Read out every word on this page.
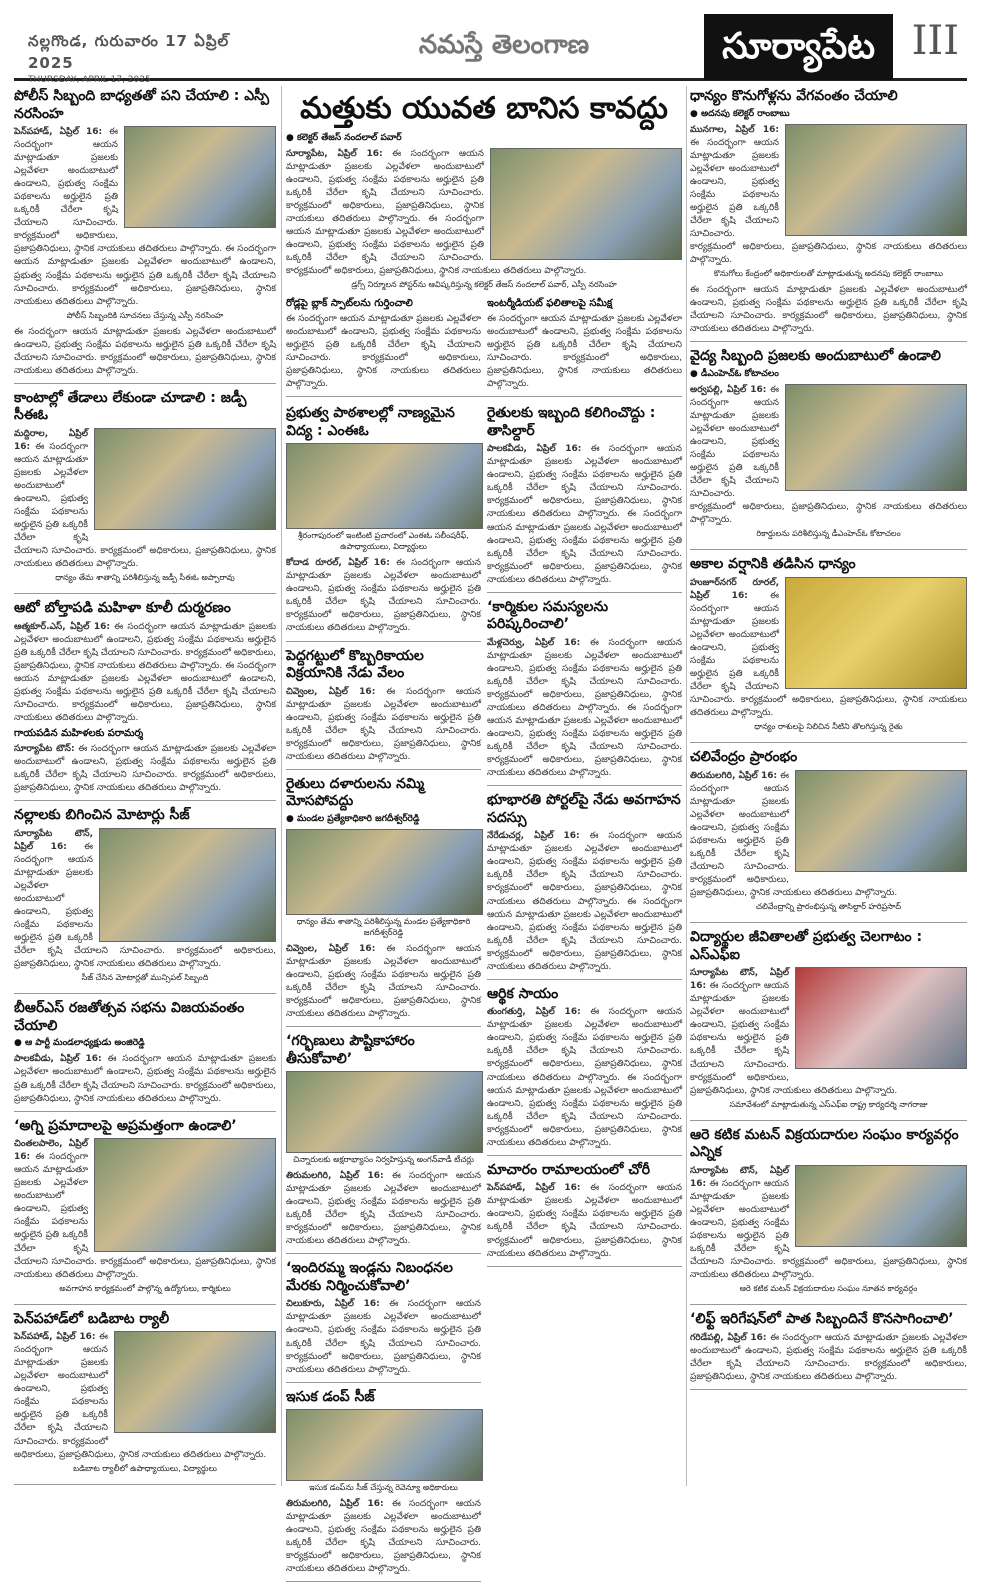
నల్లగొండ, గురువారం 17 ఏప్రిల్ 2025
THURSDAY, APRIL 17, 2025
నమస్తే తెలంగాణ	సూర్యాపేట III
పోలీస్ సిబ్బంది బాధ్యతతో పని చేయాలి : ఎస్పీ నరసింహ
పెన్‌పహాడ్, ఏప్రిల్ 16: ఈ సందర్భంగా ఆయన మాట్లాడుతూ ప్రజలకు ఎల్లవేళలా అందుబాటులో ఉండాలని, ప్రభుత్వ సంక్షేమ పథకాలను అర్హులైన ప్రతి ఒక్కరికీ చేరేలా కృషి చేయాలని సూచించారు. కార్యక్రమంలో అధికారులు, ప్రజాప్రతినిధులు, స్థానిక నాయకులు తదితరులు పాల్గొన్నారు. ఈ సందర్భంగా ఆయన మాట్లాడుతూ ప్రజలకు ఎల్లవేళలా అందుబాటులో ఉండాలని, ప్రభుత్వ సంక్షేమ పథకాలను అర్హులైన ప్రతి ఒక్కరికీ చేరేలా కృషి చేయాలని సూచించారు. కార్యక్రమంలో అధికారులు, ప్రజాప్రతినిధులు, స్థానిక నాయకులు తదితరులు పాల్గొన్నారు.
పోలీస్ సిబ్బందికి సూచనలు చేస్తున్న ఎస్పీ నరసింహ
ఈ సందర్భంగా ఆయన మాట్లాడుతూ ప్రజలకు ఎల్లవేళలా అందుబాటులో ఉండాలని, ప్రభుత్వ సంక్షేమ పథకాలను అర్హులైన ప్రతి ఒక్కరికీ చేరేలా కృషి చేయాలని సూచించారు. కార్యక్రమంలో అధికారులు, ప్రజాప్రతినిధులు, స్థానిక నాయకులు తదితరులు పాల్గొన్నారు.
కాంటాల్లో తేడాలు లేకుండా చూడాలి : జడ్పీ సీఈఓ
మద్దిరాల, ఏప్రిల్ 16: ఈ సందర్భంగా ఆయన మాట్లాడుతూ ప్రజలకు ఎల్లవేళలా అందుబాటులో ఉండాలని, ప్రభుత్వ సంక్షేమ పథకాలను అర్హులైన ప్రతి ఒక్కరికీ చేరేలా కృషి చేయాలని సూచించారు. కార్యక్రమంలో అధికారులు, ప్రజాప్రతినిధులు, స్థానిక నాయకులు తదితరులు పాల్గొన్నారు.
ధాన్యం తేమ శాతాన్ని పరిశీలిస్తున్న జడ్పీ సీఈఓ అప్పారావు
ఆటో బోల్తాపడి మహిళా కూలీ దుర్మరణం
ఆత్మకూర్.ఎస్, ఏప్రిల్ 16: ఈ సందర్భంగా ఆయన మాట్లాడుతూ ప్రజలకు ఎల్లవేళలా అందుబాటులో ఉండాలని, ప్రభుత్వ సంక్షేమ పథకాలను అర్హులైన ప్రతి ఒక్కరికీ చేరేలా కృషి చేయాలని సూచించారు. కార్యక్రమంలో అధికారులు, ప్రజాప్రతినిధులు, స్థానిక నాయకులు తదితరులు పాల్గొన్నారు. ఈ సందర్భంగా ఆయన మాట్లాడుతూ ప్రజలకు ఎల్లవేళలా అందుబాటులో ఉండాలని, ప్రభుత్వ సంక్షేమ పథకాలను అర్హులైన ప్రతి ఒక్కరికీ చేరేలా కృషి చేయాలని సూచించారు. కార్యక్రమంలో అధికారులు, ప్రజాప్రతినిధులు, స్థానిక నాయకులు తదితరులు పాల్గొన్నారు.
గాయపడిన మహిళలకు పరామర్శ
సూర్యాపేట టౌన్: ఈ సందర్భంగా ఆయన మాట్లాడుతూ ప్రజలకు ఎల్లవేళలా అందుబాటులో ఉండాలని, ప్రభుత్వ సంక్షేమ పథకాలను అర్హులైన ప్రతి ఒక్కరికీ చేరేలా కృషి చేయాలని సూచించారు. కార్యక్రమంలో అధికారులు, ప్రజాప్రతినిధులు, స్థానిక నాయకులు తదితరులు పాల్గొన్నారు.
నల్లాలకు బిగించిన మోటార్లు సీజ్
సూర్యాపేట టౌన్, ఏప్రిల్ 16: ఈ సందర్భంగా ఆయన మాట్లాడుతూ ప్రజలకు ఎల్లవేళలా అందుబాటులో ఉండాలని, ప్రభుత్వ సంక్షేమ పథకాలను అర్హులైన ప్రతి ఒక్కరికీ చేరేలా కృషి చేయాలని సూచించారు. కార్యక్రమంలో అధికారులు, ప్రజాప్రతినిధులు, స్థానిక నాయకులు తదితరులు పాల్గొన్నారు.
సీజ్ చేసిన మోటార్లతో మున్సిపల్ సిబ్బంది
బీఆర్ఎస్ రజతోత్సవ సభను విజయవంతం చేయాలి
● ఆ పార్టీ మండలాధ్యక్షుడు అంజిరెడ్డి
పాలకవీడు, ఏప్రిల్ 16: ఈ సందర్భంగా ఆయన మాట్లాడుతూ ప్రజలకు ఎల్లవేళలా అందుబాటులో ఉండాలని, ప్రభుత్వ సంక్షేమ పథకాలను అర్హులైన ప్రతి ఒక్కరికీ చేరేలా కృషి చేయాలని సూచించారు. కార్యక్రమంలో అధికారులు, ప్రజాప్రతినిధులు, స్థానిక నాయకులు తదితరులు పాల్గొన్నారు.
‘అగ్ని ప్రమాదాలపై అప్రమత్తంగా ఉండాలి’
చింతలపాలెం, ఏప్రిల్ 16: ఈ సందర్భంగా ఆయన మాట్లాడుతూ ప్రజలకు ఎల్లవేళలా అందుబాటులో ఉండాలని, ప్రభుత్వ సంక్షేమ పథకాలను అర్హులైన ప్రతి ఒక్కరికీ చేరేలా కృషి చేయాలని సూచించారు. కార్యక్రమంలో అధికారులు, ప్రజాప్రతినిధులు, స్థానిక నాయకులు తదితరులు పాల్గొన్నారు.
అవగాహన కార్యక్రమంలో పాల్గొన్న ఉద్యోగులు, కార్మికులు
పెన్‌పహాడ్‌లో బడిబాట ర్యాలీ
పెన్‌పహాడ్, ఏప్రిల్ 16: ఈ సందర్భంగా ఆయన మాట్లాడుతూ ప్రజలకు ఎల్లవేళలా అందుబాటులో ఉండాలని, ప్రభుత్వ సంక్షేమ పథకాలను అర్హులైన ప్రతి ఒక్కరికీ చేరేలా కృషి చేయాలని సూచించారు. కార్యక్రమంలో అధికారులు, ప్రజాప్రతినిధులు, స్థానిక నాయకులు తదితరులు పాల్గొన్నారు.
బడిబాట ర్యాలీలో ఉపాధ్యాయులు, విద్యార్థులు
మత్తుకు యువత బానిస కావద్దు
● కలెక్టర్ తేజస్ నందలాల్ పవార్
సూర్యాపేట, ఏప్రిల్ 16: ఈ సందర్భంగా ఆయన మాట్లాడుతూ ప్రజలకు ఎల్లవేళలా అందుబాటులో ఉండాలని, ప్రభుత్వ సంక్షేమ పథకాలను అర్హులైన ప్రతి ఒక్కరికీ చేరేలా కృషి చేయాలని సూచించారు. కార్యక్రమంలో అధికారులు, ప్రజాప్రతినిధులు, స్థానిక నాయకులు తదితరులు పాల్గొన్నారు. ఈ సందర్భంగా ఆయన మాట్లాడుతూ ప్రజలకు ఎల్లవేళలా అందుబాటులో ఉండాలని, ప్రభుత్వ సంక్షేమ పథకాలను అర్హులైన ప్రతి ఒక్కరికీ చేరేలా కృషి చేయాలని సూచించారు. కార్యక్రమంలో అధికారులు, ప్రజాప్రతినిధులు, స్థానిక నాయకులు తదితరులు పాల్గొన్నారు.
డ్రగ్స్ నిర్మూలన పోస్టర్‌ను ఆవిష్కరిస్తున్న కలెక్టర్ తేజస్ నందలాల్ పవార్, ఎస్పీ నరసింహ
రోడ్లపై బ్లాక్ స్పాట్‌లను గుర్తించాలి
ఈ సందర్భంగా ఆయన మాట్లాడుతూ ప్రజలకు ఎల్లవేళలా అందుబాటులో ఉండాలని, ప్రభుత్వ సంక్షేమ పథకాలను అర్హులైన ప్రతి ఒక్కరికీ చేరేలా కృషి చేయాలని సూచించారు. కార్యక్రమంలో అధికారులు, ప్రజాప్రతినిధులు, స్థానిక నాయకులు తదితరులు పాల్గొన్నారు.
ఇంటర్మీడియట్ ఫలితాలపై సమీక్ష
ఈ సందర్భంగా ఆయన మాట్లాడుతూ ప్రజలకు ఎల్లవేళలా అందుబాటులో ఉండాలని, ప్రభుత్వ సంక్షేమ పథకాలను అర్హులైన ప్రతి ఒక్కరికీ చేరేలా కృషి చేయాలని సూచించారు. కార్యక్రమంలో అధికారులు, ప్రజాప్రతినిధులు, స్థానిక నాయకులు తదితరులు పాల్గొన్నారు.
ప్రభుత్వ పాఠశాలల్లో నాణ్యమైన విద్య : ఎంఈఓ
శ్రీరంగాపురంలో ఇంటింటి ప్రచారంలో ఎంఈఓ సలీంషరీఫ్, ఉపాధ్యాయులు, విద్యార్థులు
కోదాడ రూరల్, ఏప్రిల్ 16: ఈ సందర్భంగా ఆయన మాట్లాడుతూ ప్రజలకు ఎల్లవేళలా అందుబాటులో ఉండాలని, ప్రభుత్వ సంక్షేమ పథకాలను అర్హులైన ప్రతి ఒక్కరికీ చేరేలా కృషి చేయాలని సూచించారు. కార్యక్రమంలో అధికారులు, ప్రజాప్రతినిధులు, స్థానిక నాయకులు తదితరులు పాల్గొన్నారు.
పెద్దగట్టులో కొబ్బరికాయల విక్రయానికి నేడు వేలం
చివ్వెంల, ఏప్రిల్ 16: ఈ సందర్భంగా ఆయన మాట్లాడుతూ ప్రజలకు ఎల్లవేళలా అందుబాటులో ఉండాలని, ప్రభుత్వ సంక్షేమ పథకాలను అర్హులైన ప్రతి ఒక్కరికీ చేరేలా కృషి చేయాలని సూచించారు. కార్యక్రమంలో అధికారులు, ప్రజాప్రతినిధులు, స్థానిక నాయకులు తదితరులు పాల్గొన్నారు.
రైతులు దళారులను నమ్మి మోసపోవద్దు
● మండల ప్రత్యేకాధికారి జగదీశ్వర్‌రెడ్డి
ధాన్యం తేమ శాతాన్ని పరిశీలిస్తున్న మండల ప్రత్యేకాధికారి జగదీశ్వర్‌రెడ్డి
చివ్వెంల, ఏప్రిల్ 16: ఈ సందర్భంగా ఆయన మాట్లాడుతూ ప్రజలకు ఎల్లవేళలా అందుబాటులో ఉండాలని, ప్రభుత్వ సంక్షేమ పథకాలను అర్హులైన ప్రతి ఒక్కరికీ చేరేలా కృషి చేయాలని సూచించారు. కార్యక్రమంలో అధికారులు, ప్రజాప్రతినిధులు, స్థానిక నాయకులు తదితరులు పాల్గొన్నారు.
‘గర్భిణులు పౌష్టికాహారం తీసుకోవాలి’
చిన్నారులకు అక్షరాభ్యాసం నిర్వహిస్తున్న అంగన్‌వాడీ టీచర్లు
తిరుమలగిరి, ఏప్రిల్ 16: ఈ సందర్భంగా ఆయన మాట్లాడుతూ ప్రజలకు ఎల్లవేళలా అందుబాటులో ఉండాలని, ప్రభుత్వ సంక్షేమ పథకాలను అర్హులైన ప్రతి ఒక్కరికీ చేరేలా కృషి చేయాలని సూచించారు. కార్యక్రమంలో అధికారులు, ప్రజాప్రతినిధులు, స్థానిక నాయకులు తదితరులు పాల్గొన్నారు.
‘ఇందిరమ్మ ఇండ్లను నిబంధనల మేరకు నిర్మించుకోవాలి’
చిలుకూరు, ఏప్రిల్ 16: ఈ సందర్భంగా ఆయన మాట్లాడుతూ ప్రజలకు ఎల్లవేళలా అందుబాటులో ఉండాలని, ప్రభుత్వ సంక్షేమ పథకాలను అర్హులైన ప్రతి ఒక్కరికీ చేరేలా కృషి చేయాలని సూచించారు. కార్యక్రమంలో అధికారులు, ప్రజాప్రతినిధులు, స్థానిక నాయకులు తదితరులు పాల్గొన్నారు.
ఇసుక డంప్ సీజ్
ఇసుక డంప్‌ను సీజ్ చేస్తున్న రెవెన్యూ అధికారులు
తిరుమలగిరి, ఏప్రిల్ 16: ఈ సందర్భంగా ఆయన మాట్లాడుతూ ప్రజలకు ఎల్లవేళలా అందుబాటులో ఉండాలని, ప్రభుత్వ సంక్షేమ పథకాలను అర్హులైన ప్రతి ఒక్కరికీ చేరేలా కృషి చేయాలని సూచించారు. కార్యక్రమంలో అధికారులు, ప్రజాప్రతినిధులు, స్థానిక నాయకులు తదితరులు పాల్గొన్నారు.
రైతులకు ఇబ్బంది కలిగించొద్దు : తాసిల్దార్
పాలకవీడు, ఏప్రిల్ 16: ఈ సందర్భంగా ఆయన మాట్లాడుతూ ప్రజలకు ఎల్లవేళలా అందుబాటులో ఉండాలని, ప్రభుత్వ సంక్షేమ పథకాలను అర్హులైన ప్రతి ఒక్కరికీ చేరేలా కృషి చేయాలని సూచించారు. కార్యక్రమంలో అధికారులు, ప్రజాప్రతినిధులు, స్థానిక నాయకులు తదితరులు పాల్గొన్నారు. ఈ సందర్భంగా ఆయన మాట్లాడుతూ ప్రజలకు ఎల్లవేళలా అందుబాటులో ఉండాలని, ప్రభుత్వ సంక్షేమ పథకాలను అర్హులైన ప్రతి ఒక్కరికీ చేరేలా కృషి చేయాలని సూచించారు. కార్యక్రమంలో అధికారులు, ప్రజాప్రతినిధులు, స్థానిక నాయకులు తదితరులు పాల్గొన్నారు.
‘కార్మికుల సమస్యలను పరిష్కరించాలి’
మేళ్లచెర్వు, ఏప్రిల్ 16: ఈ సందర్భంగా ఆయన మాట్లాడుతూ ప్రజలకు ఎల్లవేళలా అందుబాటులో ఉండాలని, ప్రభుత్వ సంక్షేమ పథకాలను అర్హులైన ప్రతి ఒక్కరికీ చేరేలా కృషి చేయాలని సూచించారు. కార్యక్రమంలో అధికారులు, ప్రజాప్రతినిధులు, స్థానిక నాయకులు తదితరులు పాల్గొన్నారు. ఈ సందర్భంగా ఆయన మాట్లాడుతూ ప్రజలకు ఎల్లవేళలా అందుబాటులో ఉండాలని, ప్రభుత్వ సంక్షేమ పథకాలను అర్హులైన ప్రతి ఒక్కరికీ చేరేలా కృషి చేయాలని సూచించారు. కార్యక్రమంలో అధికారులు, ప్రజాప్రతినిధులు, స్థానిక నాయకులు తదితరులు పాల్గొన్నారు.
భూభారతి పోర్టల్‌పై నేడు అవగాహన సదస్సు
నేరేడుచర్ల, ఏప్రిల్ 16: ఈ సందర్భంగా ఆయన మాట్లాడుతూ ప్రజలకు ఎల్లవేళలా అందుబాటులో ఉండాలని, ప్రభుత్వ సంక్షేమ పథకాలను అర్హులైన ప్రతి ఒక్కరికీ చేరేలా కృషి చేయాలని సూచించారు. కార్యక్రమంలో అధికారులు, ప్రజాప్రతినిధులు, స్థానిక నాయకులు తదితరులు పాల్గొన్నారు. ఈ సందర్భంగా ఆయన మాట్లాడుతూ ప్రజలకు ఎల్లవేళలా అందుబాటులో ఉండాలని, ప్రభుత్వ సంక్షేమ పథకాలను అర్హులైన ప్రతి ఒక్కరికీ చేరేలా కృషి చేయాలని సూచించారు. కార్యక్రమంలో అధికారులు, ప్రజాప్రతినిధులు, స్థానిక నాయకులు తదితరులు పాల్గొన్నారు.
ఆర్థిక సాయం
తుంగతుర్తి, ఏప్రిల్ 16: ఈ సందర్భంగా ఆయన మాట్లాడుతూ ప్రజలకు ఎల్లవేళలా అందుబాటులో ఉండాలని, ప్రభుత్వ సంక్షేమ పథకాలను అర్హులైన ప్రతి ఒక్కరికీ చేరేలా కృషి చేయాలని సూచించారు. కార్యక్రమంలో అధికారులు, ప్రజాప్రతినిధులు, స్థానిక నాయకులు తదితరులు పాల్గొన్నారు. ఈ సందర్భంగా ఆయన మాట్లాడుతూ ప్రజలకు ఎల్లవేళలా అందుబాటులో ఉండాలని, ప్రభుత్వ సంక్షేమ పథకాలను అర్హులైన ప్రతి ఒక్కరికీ చేరేలా కృషి చేయాలని సూచించారు. కార్యక్రమంలో అధికారులు, ప్రజాప్రతినిధులు, స్థానిక నాయకులు తదితరులు పాల్గొన్నారు.
మాచారం రామాలయంలో చోరీ
పెన్‌పహాడ్, ఏప్రిల్ 16: ఈ సందర్భంగా ఆయన మాట్లాడుతూ ప్రజలకు ఎల్లవేళలా అందుబాటులో ఉండాలని, ప్రభుత్వ సంక్షేమ పథకాలను అర్హులైన ప్రతి ఒక్కరికీ చేరేలా కృషి చేయాలని సూచించారు. కార్యక్రమంలో అధికారులు, ప్రజాప్రతినిధులు, స్థానిక నాయకులు తదితరులు పాల్గొన్నారు.
ధాన్యం కొనుగోళ్లను వేగవంతం చేయాలి
● అదనపు కలెక్టర్ రాంబాబు
మునగాల, ఏప్రిల్ 16: ఈ సందర్భంగా ఆయన మాట్లాడుతూ ప్రజలకు ఎల్లవేళలా అందుబాటులో ఉండాలని, ప్రభుత్వ సంక్షేమ పథకాలను అర్హులైన ప్రతి ఒక్కరికీ చేరేలా కృషి చేయాలని సూచించారు. కార్యక్రమంలో అధికారులు, ప్రజాప్రతినిధులు, స్థానిక నాయకులు తదితరులు పాల్గొన్నారు.
కొనుగోలు కేంద్రంలో అధికారులతో మాట్లాడుతున్న అదనపు కలెక్టర్ రాంబాబు
ఈ సందర్భంగా ఆయన మాట్లాడుతూ ప్రజలకు ఎల్లవేళలా అందుబాటులో ఉండాలని, ప్రభుత్వ సంక్షేమ పథకాలను అర్హులైన ప్రతి ఒక్కరికీ చేరేలా కృషి చేయాలని సూచించారు. కార్యక్రమంలో అధికారులు, ప్రజాప్రతినిధులు, స్థానిక నాయకులు తదితరులు పాల్గొన్నారు.
వైద్య సిబ్బంది ప్రజలకు అందుబాటులో ఉండాలి
● డీఎంహెచ్‌ఓ కోటాచలం
అర్వపల్లి, ఏప్రిల్ 16: ఈ సందర్భంగా ఆయన మాట్లాడుతూ ప్రజలకు ఎల్లవేళలా అందుబాటులో ఉండాలని, ప్రభుత్వ సంక్షేమ పథకాలను అర్హులైన ప్రతి ఒక్కరికీ చేరేలా కృషి చేయాలని సూచించారు. కార్యక్రమంలో అధికారులు, ప్రజాప్రతినిధులు, స్థానిక నాయకులు తదితరులు పాల్గొన్నారు.
రికార్డులను పరిశీలిస్తున్న డీఎంహెచ్‌ఓ కోటాచలం
అకాల వర్షానికి తడిసిన ధాన్యం
హుజూర్‌నగర్ రూరల్, ఏప్రిల్ 16: ఈ సందర్భంగా ఆయన మాట్లాడుతూ ప్రజలకు ఎల్లవేళలా అందుబాటులో ఉండాలని, ప్రభుత్వ సంక్షేమ పథకాలను అర్హులైన ప్రతి ఒక్కరికీ చేరేలా కృషి చేయాలని సూచించారు. కార్యక్రమంలో అధికారులు, ప్రజాప్రతినిధులు, స్థానిక నాయకులు తదితరులు పాల్గొన్నారు.
ధాన్యం రాశులపై నిలిచిన నీటిని తొలగిస్తున్న రైతు
చలివేంద్రం ప్రారంభం
తిరుమలగిరి, ఏప్రిల్ 16: ఈ సందర్భంగా ఆయన మాట్లాడుతూ ప్రజలకు ఎల్లవేళలా అందుబాటులో ఉండాలని, ప్రభుత్వ సంక్షేమ పథకాలను అర్హులైన ప్రతి ఒక్కరికీ చేరేలా కృషి చేయాలని సూచించారు. కార్యక్రమంలో అధికారులు, ప్రజాప్రతినిధులు, స్థానిక నాయకులు తదితరులు పాల్గొన్నారు.
చలివేంద్రాన్ని ప్రారంభిస్తున్న తాసిల్దార్ హరిప్రసాద్
విద్యార్థుల జీవితాలతో ప్రభుత్వ చెలగాటం : ఎస్‌ఎఫ్‌ఐ
సూర్యాపేట టౌన్, ఏప్రిల్ 16: ఈ సందర్భంగా ఆయన మాట్లాడుతూ ప్రజలకు ఎల్లవేళలా అందుబాటులో ఉండాలని, ప్రభుత్వ సంక్షేమ పథకాలను అర్హులైన ప్రతి ఒక్కరికీ చేరేలా కృషి చేయాలని సూచించారు. కార్యక్రమంలో అధికారులు, ప్రజాప్రతినిధులు, స్థానిక నాయకులు తదితరులు పాల్గొన్నారు.
సమావేశంలో మాట్లాడుతున్న ఎస్‌ఎఫ్‌ఐ రాష్ట్ర కార్యదర్శి నాగరాజు
ఆరె కటిక మటన్ విక్రయదారుల సంఘం కార్యవర్గం ఎన్నిక
సూర్యాపేట టౌన్, ఏప్రిల్ 16: ఈ సందర్భంగా ఆయన మాట్లాడుతూ ప్రజలకు ఎల్లవేళలా అందుబాటులో ఉండాలని, ప్రభుత్వ సంక్షేమ పథకాలను అర్హులైన ప్రతి ఒక్కరికీ చేరేలా కృషి చేయాలని సూచించారు. కార్యక్రమంలో అధికారులు, ప్రజాప్రతినిధులు, స్థానిక నాయకులు తదితరులు పాల్గొన్నారు.
ఆరె కటిక మటన్ విక్రయదారుల సంఘం నూతన కార్యవర్గం
‘లిఫ్ట్ ఇరిగేషన్‌లో పాత సిబ్బందినే కొనసాగించాలి’
గరిడేపల్లి, ఏప్రిల్ 16: ఈ సందర్భంగా ఆయన మాట్లాడుతూ ప్రజలకు ఎల్లవేళలా అందుబాటులో ఉండాలని, ప్రభుత్వ సంక్షేమ పథకాలను అర్హులైన ప్రతి ఒక్కరికీ చేరేలా కృషి చేయాలని సూచించారు. కార్యక్రమంలో అధికారులు, ప్రజాప్రతినిధులు, స్థానిక నాయకులు తదితరులు పాల్గొన్నారు.
